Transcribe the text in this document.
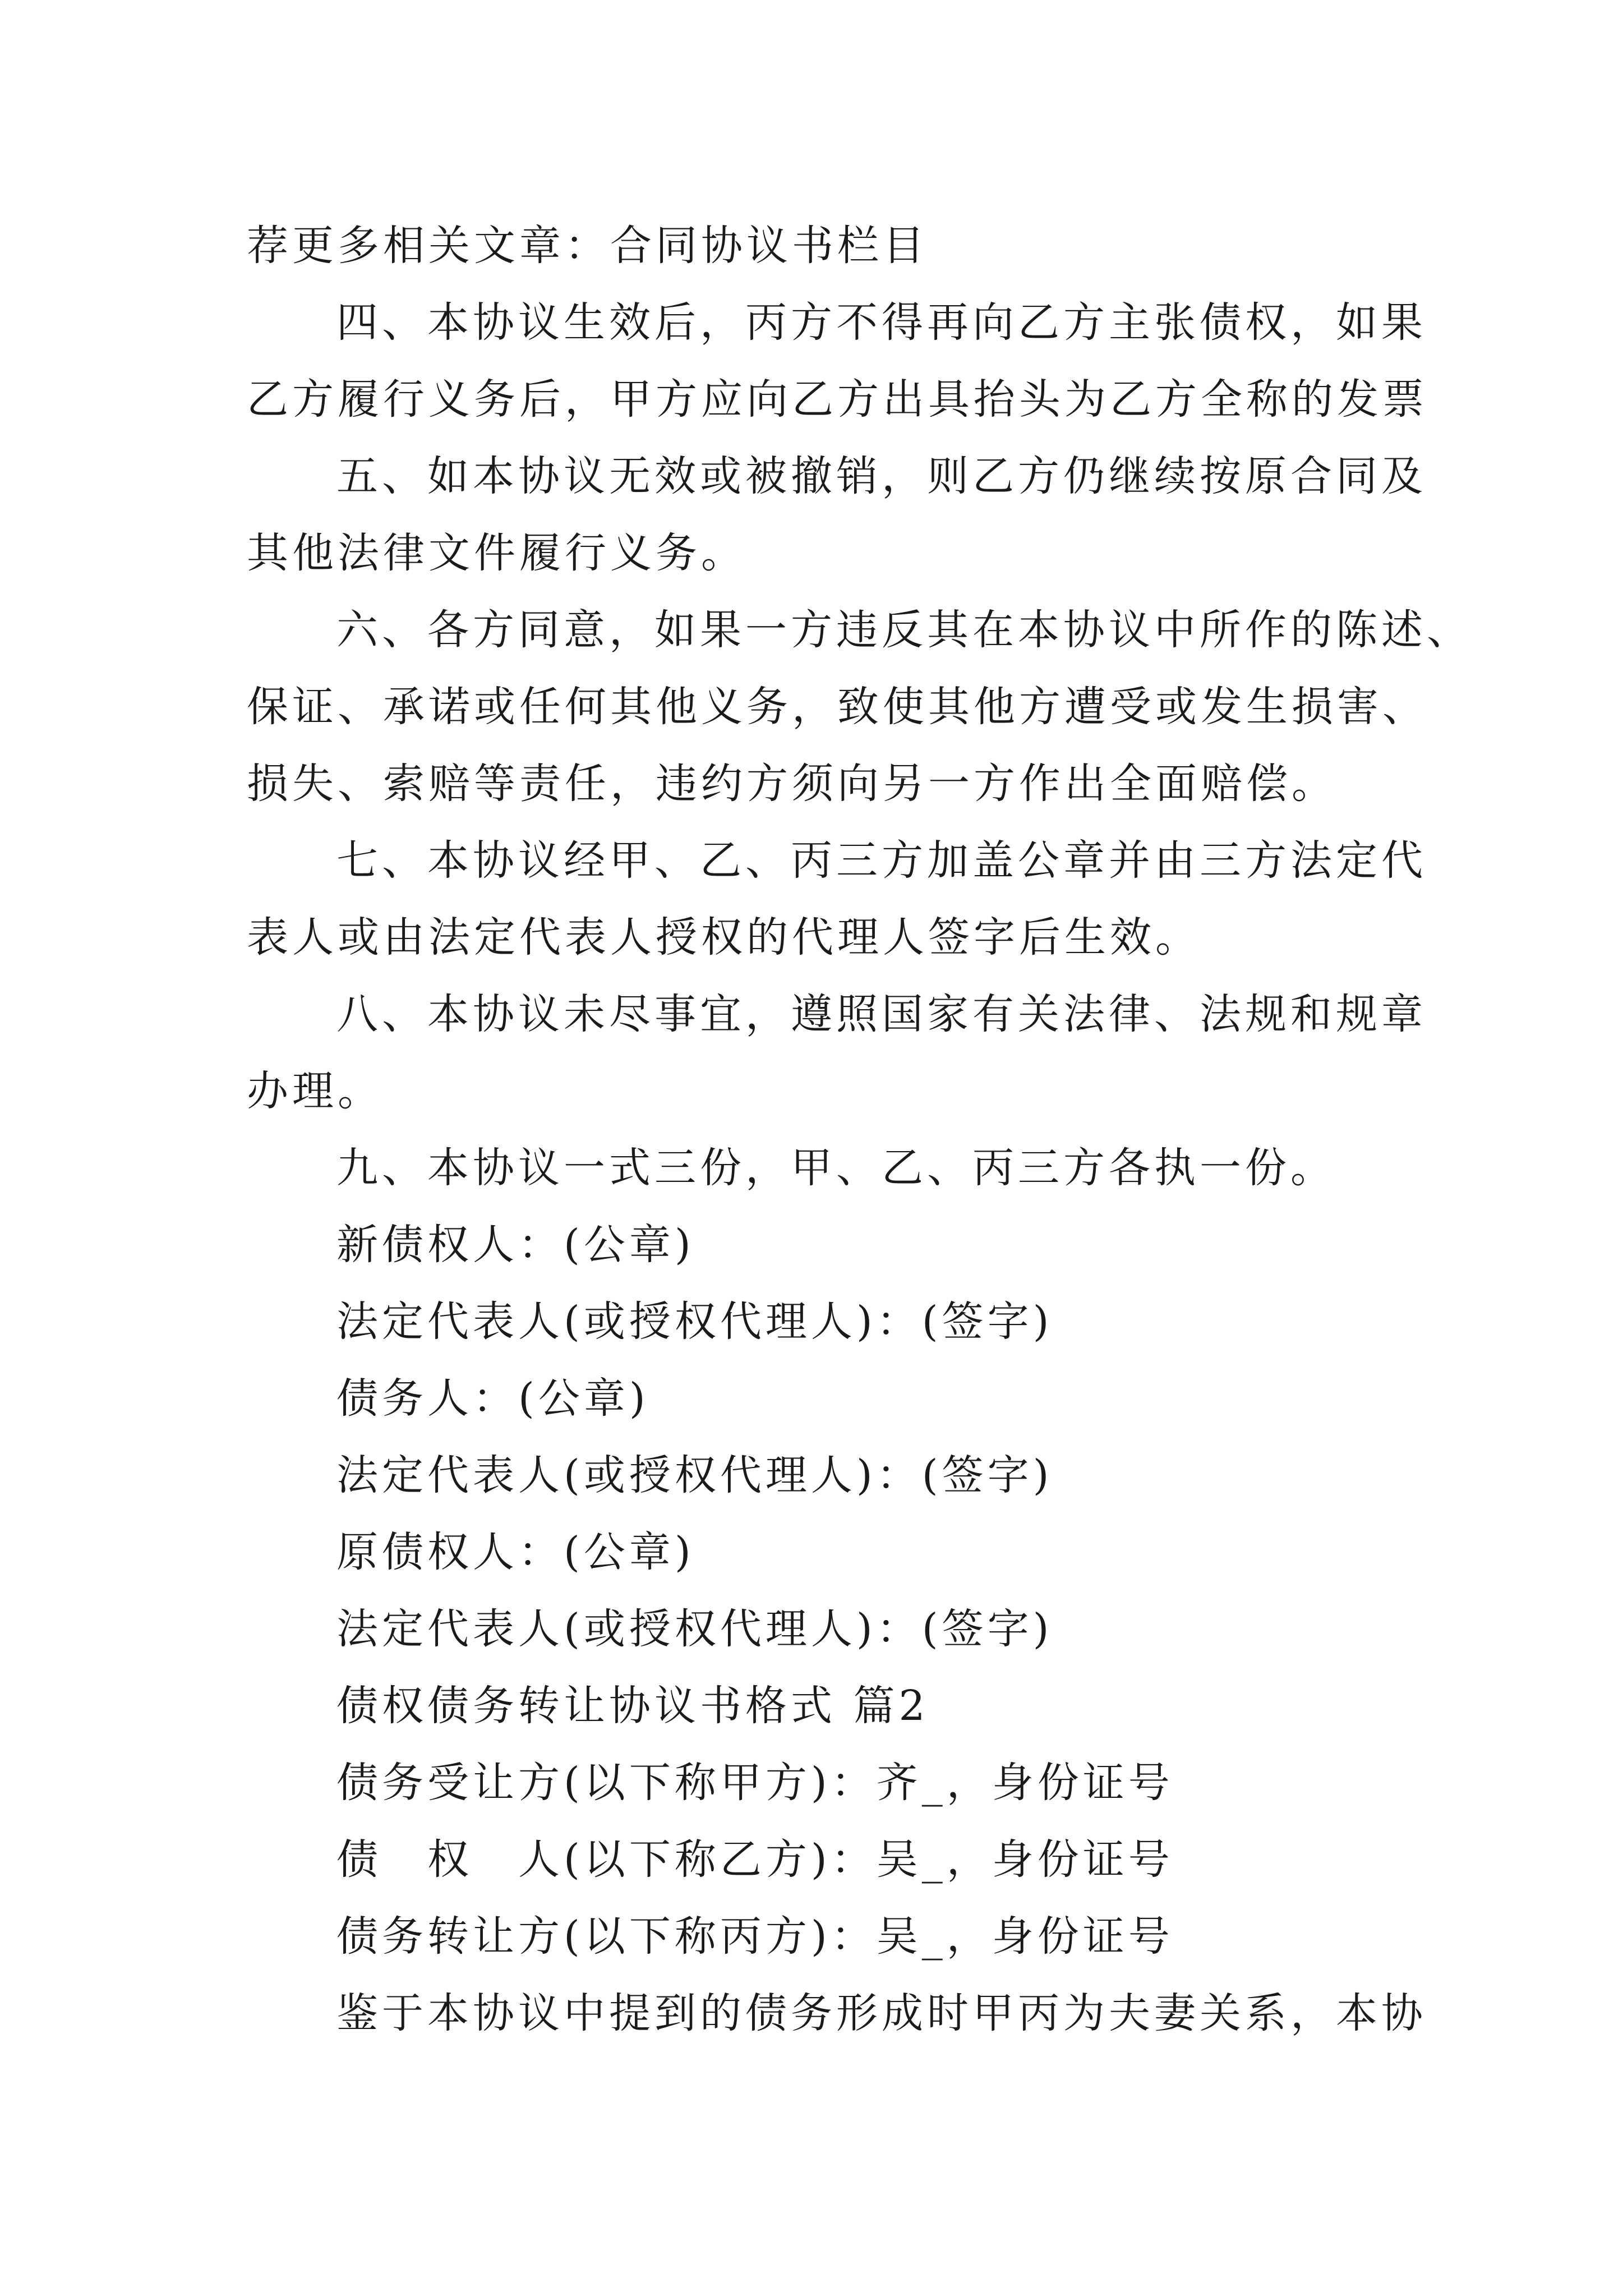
荐更多相关文章：合同协议书栏目
四、本协议生效后，丙方不得再向乙方主张债权，如果
乙方履行义务后，甲方应向乙方出具抬头为乙方全称的发票
五、如本协议无效或被撤销，则乙方仍继续按原合同及
其他法律文件履行义务。
六、各方同意，如果一方违反其在本协议中所作的陈述、
保证、承诺或任何其他义务，致使其他方遭受或发生损害、
损失、索赔等责任，违约方须向另一方作出全面赔偿。
七、本协议经甲、乙、丙三方加盖公章并由三方法定代
表人或由法定代表人授权的代理人签字后生效。
八、本协议未尽事宜，遵照国家有关法律、法规和规章
办理。
九、本协议一式三份，甲、乙、丙三方各执一份。
新债权人：(公章)
法定代表人(或授权代理人)：(签字)
债务人：(公章)
法定代表人(或授权代理人)：(签字)
原债权人：(公章)
法定代表人(或授权代理人)：(签字)
债权债务转让协议书格式 篇2
债务受让方(以下称甲方)：齐_，身份证号
债　权　人(以下称乙方)：吴_，身份证号
债务转让方(以下称丙方)：吴_，身份证号
鉴于本协议中提到的债务形成时甲丙为夫妻关系，本协
